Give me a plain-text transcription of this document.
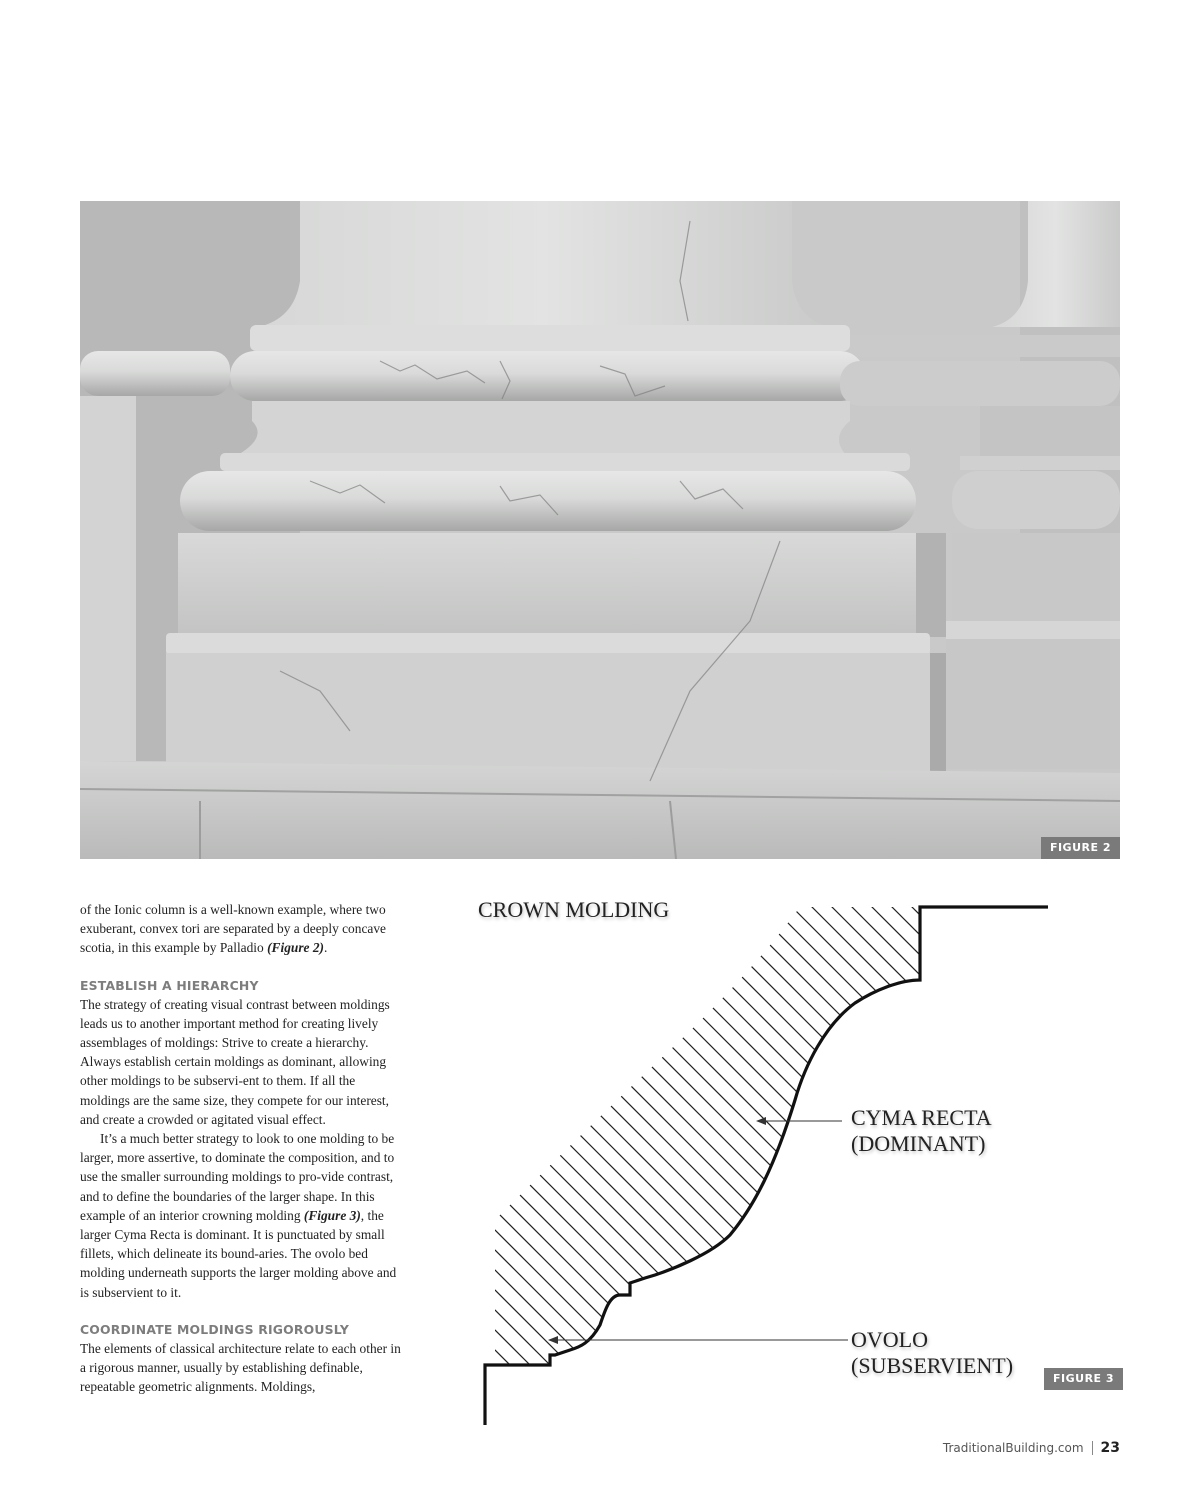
FIGURE 2

of the Ionic column is a well-known example, where two exuberant, convex tori are separated by a deeply concave scotia, in this example by Palladio (Figure 2).

ESTABLISH A HIERARCHY

The strategy of creating visual contrast between moldings leads us to another important method for creating lively assemblages of moldings: Strive to create a hierarchy. Always establish certain moldings as dominant, allowing other moldings to be subservi-ent to them. If all the moldings are the same size, they compete for our interest, and create a crowded or agitated visual effect.

It’s a much better strategy to look to one molding to be larger, more assertive, to dominate the composition, and to use the smaller surrounding moldings to pro-vide contrast, and to define the boundaries of the larger shape. In this example of an interior crowning molding (Figure 3), the larger Cyma Recta is dominant. It is punctuated by small fillets, which delineate its bound-aries. The ovolo bed molding underneath supports the larger molding above and is subservient to it.

COORDINATE MOLDINGS RIGOROUSLY

The elements of classical architecture relate to each other in a rigorous manner, usually by establishing definable, repeatable geometric alignments. Moldings,

CROWN MOLDING
CYMA RECTA
(DOMINANT)
OVOLO
(SUBSERVIENT)
FIGURE 3
TraditionalBuilding.com 23
